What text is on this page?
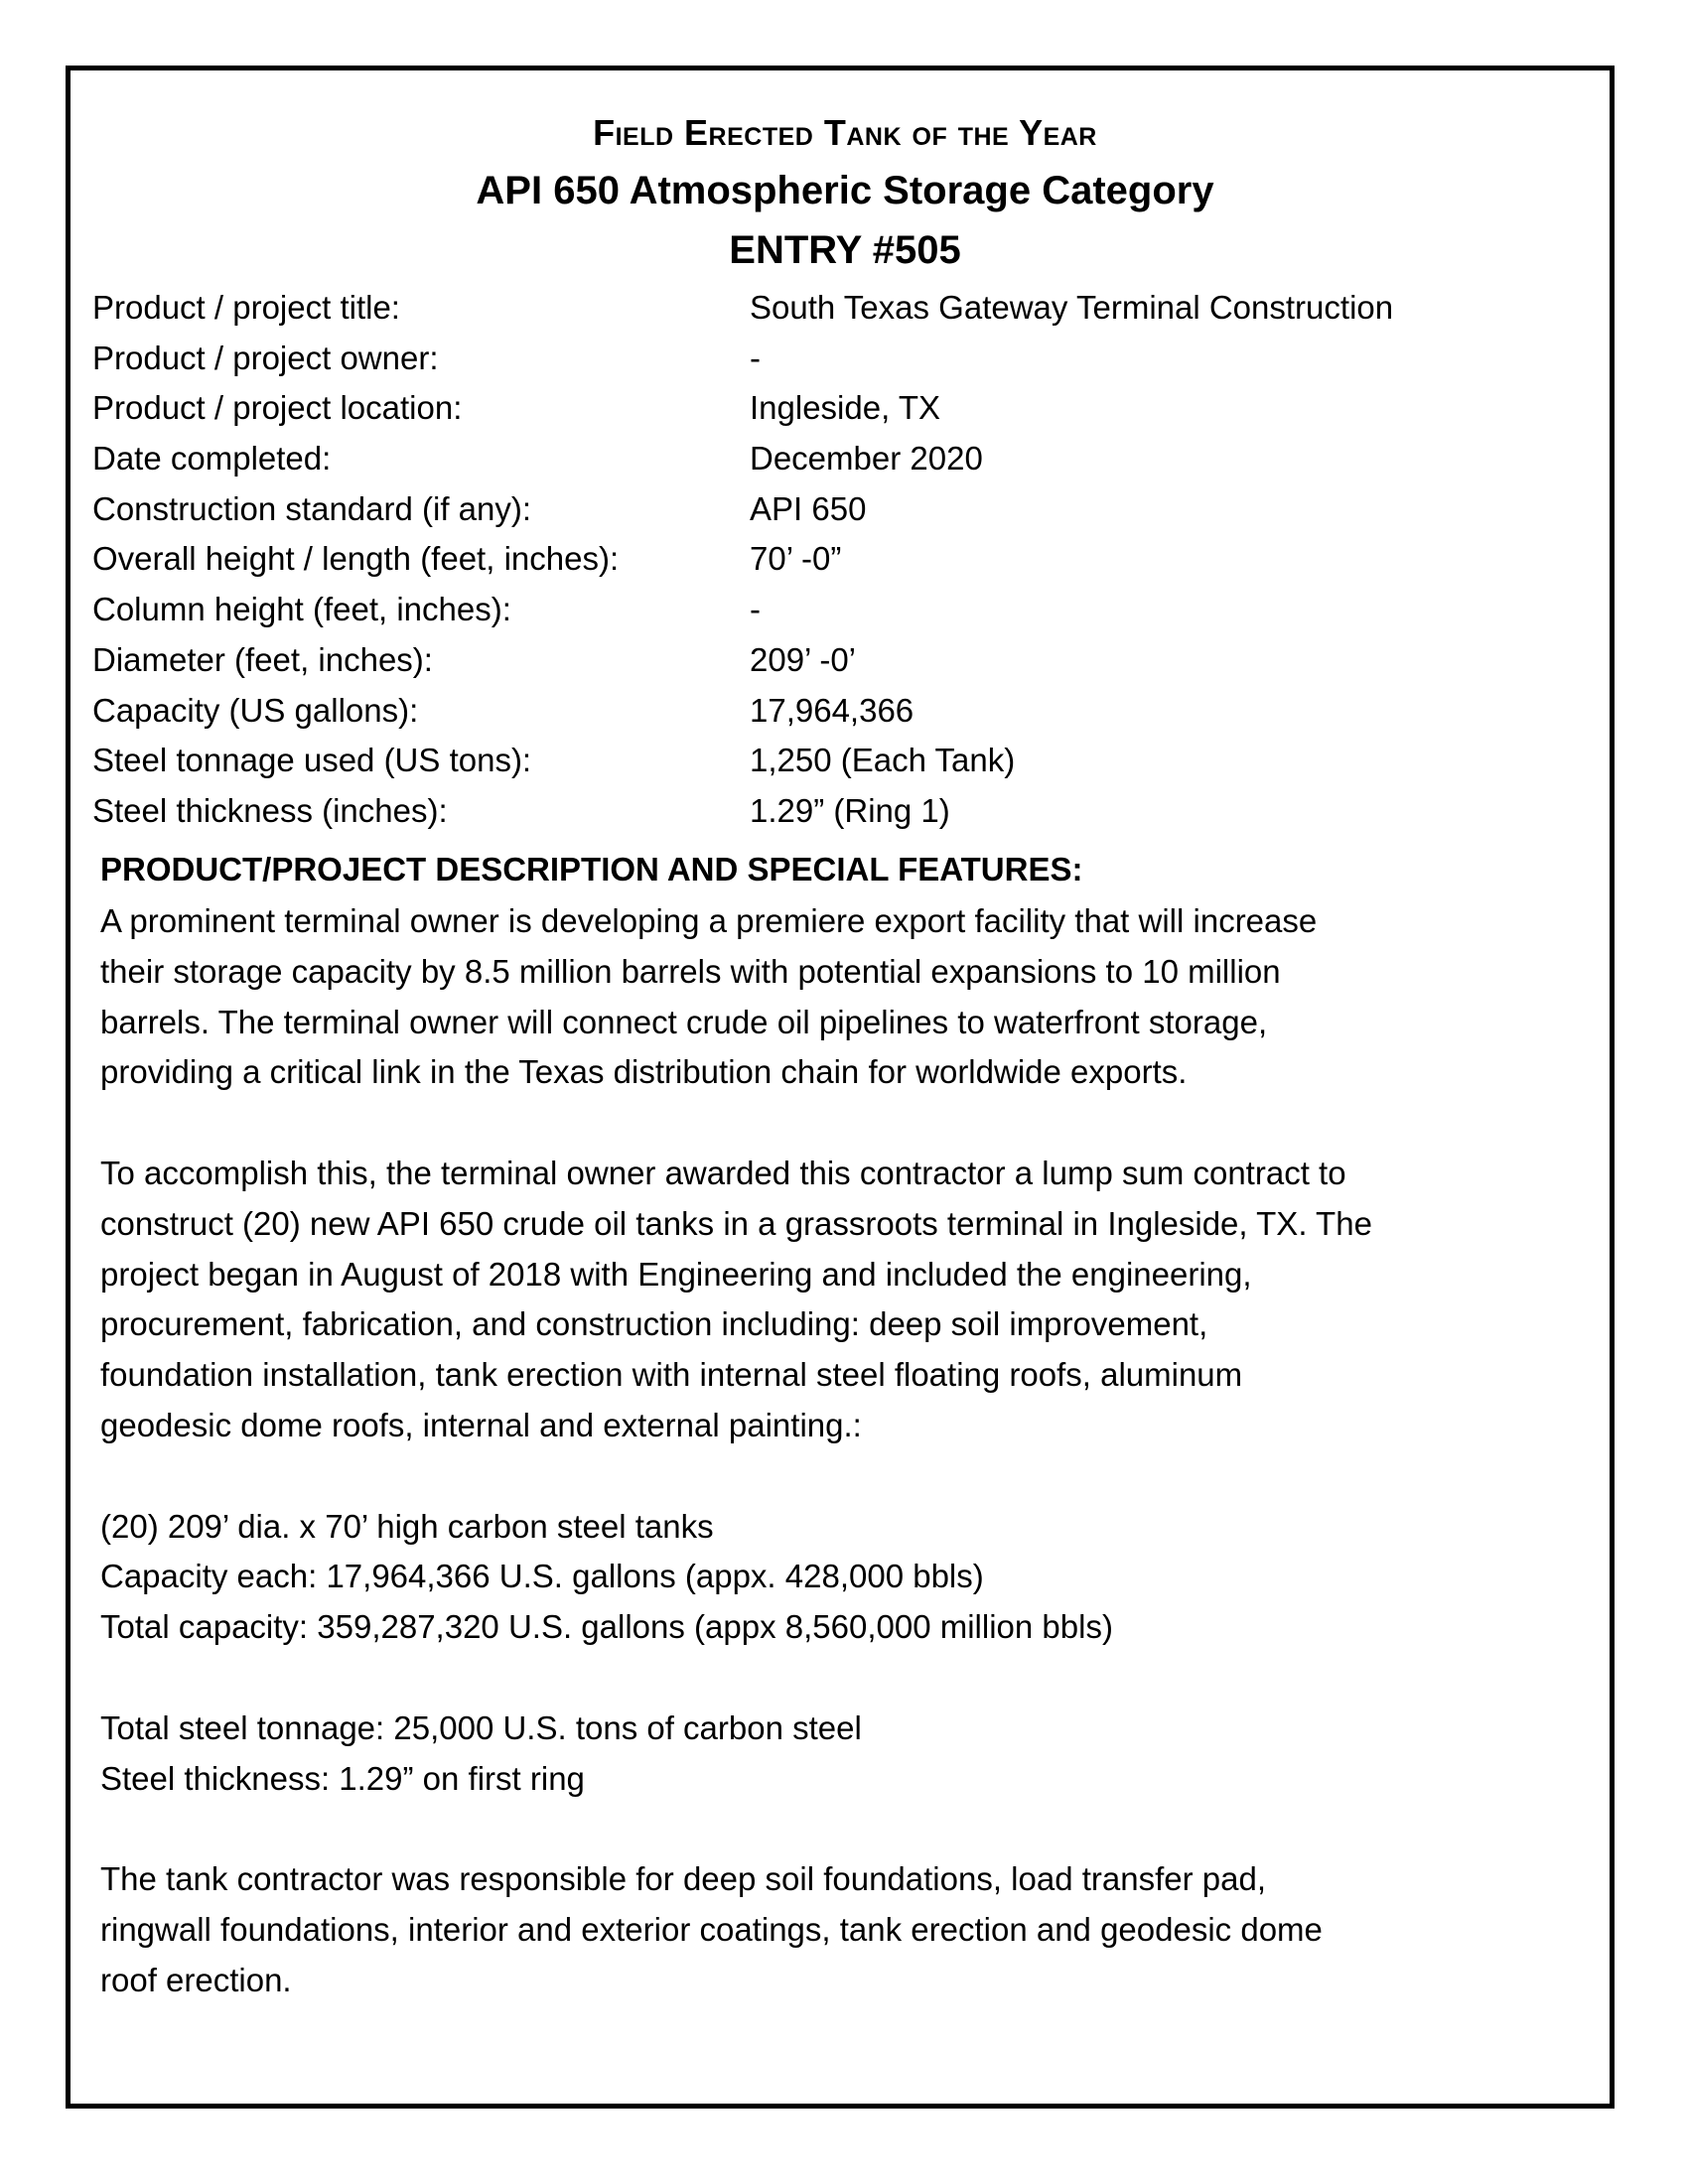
Field Erected Tank of the Year
API 650 Atmospheric Storage Category
ENTRY #505
Product / project title:	South Texas Gateway Terminal Construction
Product / project owner:	-
Product / project location:	Ingleside, TX
Date completed:	December 2020
Construction standard (if any):	API 650
Overall height / length (feet, inches):	70’ -0”
Column height (feet, inches):	-
Diameter (feet, inches):	209’ -0’
Capacity (US gallons):	17,964,366
Steel tonnage used (US tons):	1,250 (Each Tank)
Steel thickness (inches):	1.29” (Ring 1)
PRODUCT/PROJECT DESCRIPTION AND SPECIAL FEATURES:

A prominent terminal owner is developing a premiere export facility that will increase
their storage capacity by 8.5 million barrels with potential expansions to 10 million
barrels. The terminal owner will connect crude oil pipelines to waterfront storage,
providing a critical link in the Texas distribution chain for worldwide exports.

To accomplish this, the terminal owner awarded this contractor a lump sum contract to
construct (20) new API 650 crude oil tanks in a grassroots terminal in Ingleside, TX. The
project began in August of 2018 with Engineering and included the engineering,
procurement, fabrication, and construction including: deep soil improvement,
foundation installation, tank erection with internal steel floating roofs, aluminum
geodesic dome roofs, internal and external painting.:

(20) 209’ dia. x 70’ high carbon steel tanks
Capacity each: 17,964,366 U.S. gallons (appx. 428,000 bbls)
Total capacity: 359,287,320 U.S. gallons (appx 8,560,000 million bbls)

Total steel tonnage: 25,000 U.S. tons of carbon steel
Steel thickness: 1.29” on first ring

The tank contractor was responsible for deep soil foundations, load transfer pad,
ringwall foundations, interior and exterior coatings, tank erection and geodesic dome
roof erection.
